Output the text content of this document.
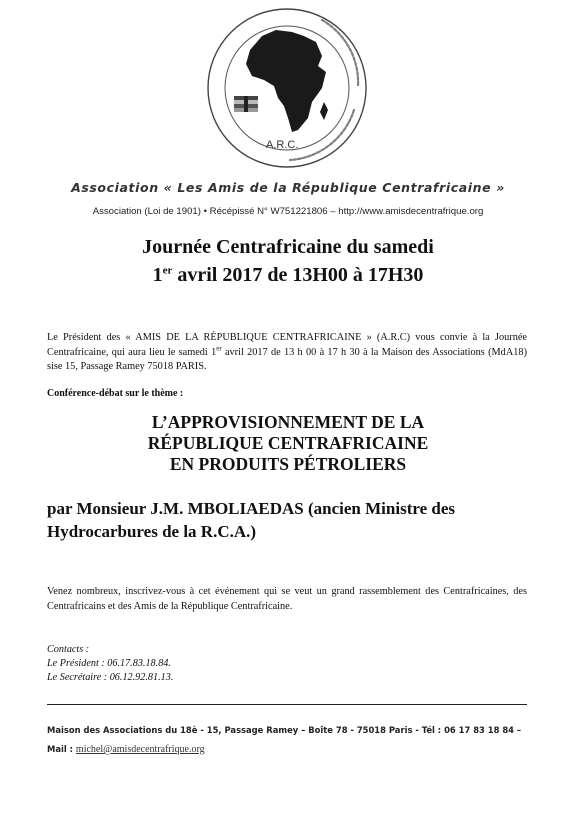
A.R.C.
Association « Les Amis de la République Centrafricaine »
Association (Loi de 1901) • Récépissé N° W751221806 – http://www.amisdecentrafrique.org
Journée Centrafricaine du samedi
1er avril 2017 de 13H00 à 17H30
Le Président des « AMIS DE LA RÉPUBLIQUE CENTRAFRICAINE » (A.R.C) vous convie à la Journée Centrafricaine, qui aura lieu le samedi 1er avril 2017 de 13 h 00 à 17 h 30 à la Maison des Associations (MdA18) sise 15, Passage Ramey 75018 PARIS.
Conférence-débat sur le thème :
L’APPROVISIONNEMENT DE LA
RÉPUBLIQUE CENTRAFRICAINE
EN PRODUITS PÉTROLIERS
par Monsieur J.M. MBOLIAEDAS (ancien Ministre des
Hydrocarbures de la R.C.A.)
Venez nombreux, inscrivez-vous à cet événement qui se veut un grand rassemblement des Centrafricaines, des Centrafricains et des Amis de la République Centrafricaine.
Contacts :
Le Président : 06.17.83.18.84.
Le Secrétaire : 06.12.92.81.13.
Maison des Associations du 18è - 15, Passage Ramey – Boîte 78 - 75018 Paris - Tél : 06 17 83 18 84 –
Mail : michel@amisdecentrafrique.org
